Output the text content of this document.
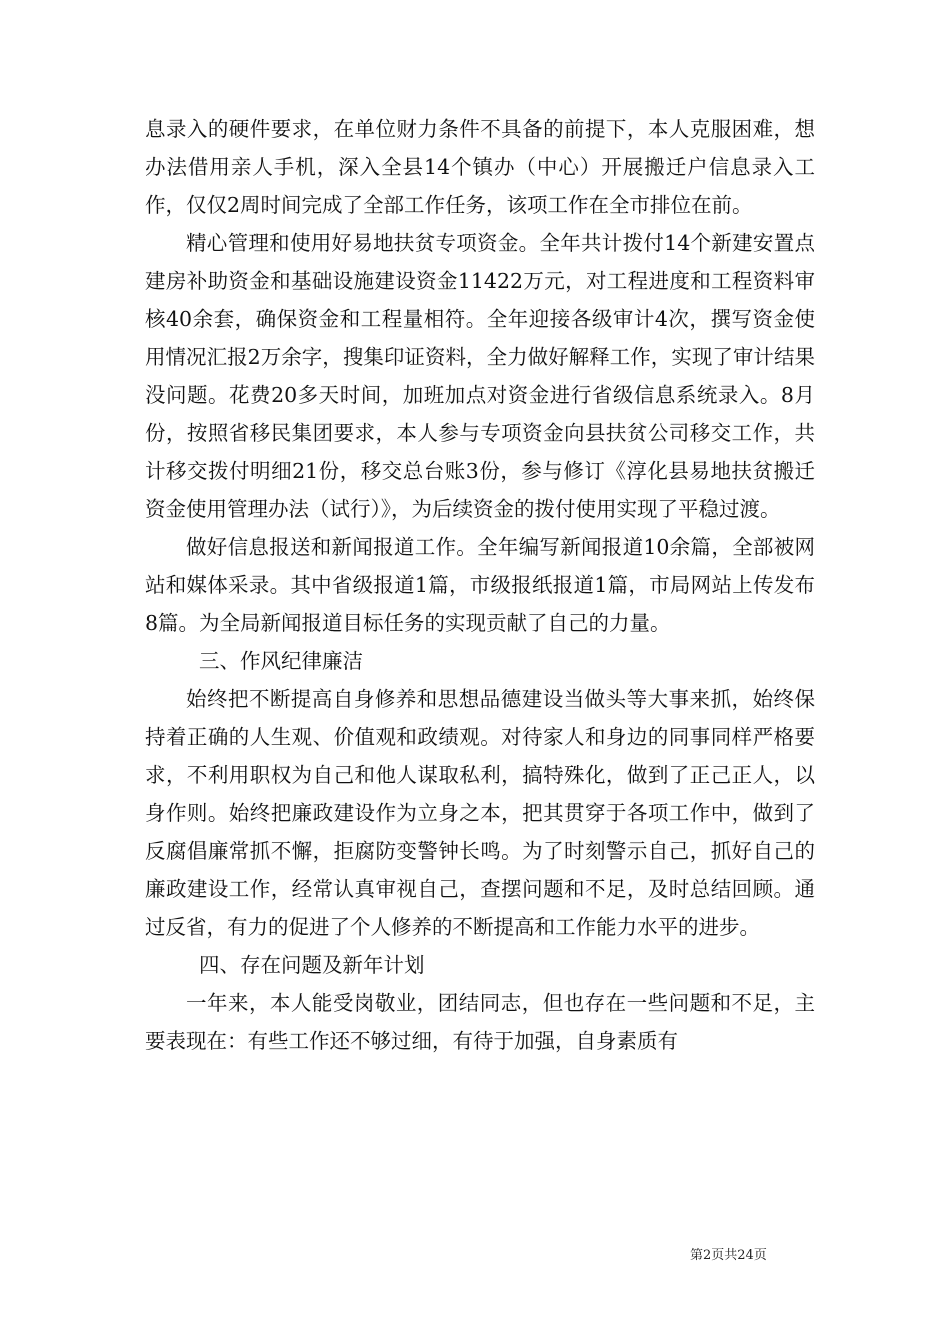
息录入的硬件要求，在单位财力条件不具备的前提下，本人克服困难，想办法借用亲人手机，深入全县14个镇办（中心）开展搬迁户信息录入工作，仅仅2周时间完成了全部工作任务，该项工作在全市排位在前。

精心管理和使用好易地扶贫专项资金。全年共计拨付14个新建安置点建房补助资金和基础设施建设资金11422万元，对工程进度和工程资料审核40余套，确保资金和工程量相符。全年迎接各级审计4次，撰写资金使用情况汇报2万余字，搜集印证资料，全力做好解释工作，实现了审计结果没问题。花费20多天时间，加班加点对资金进行省级信息系统录入。8月份，按照省移民集团要求，本人参与专项资金向县扶贫公司移交工作，共计移交拨付明细21份，移交总台账3份，参与修订《淳化县易地扶贫搬迁资金使用管理办法（试行）》，为后续资金的拨付使用实现了平稳过渡。

做好信息报送和新闻报道工作。全年编写新闻报道10余篇，全部被网站和媒体采录。其中省级报道1篇，市级报纸报道1篇，市局网站上传发布8篇。为全局新闻报道目标任务的实现贡献了自己的力量。

三、作风纪律廉洁

始终把不断提高自身修养和思想品德建设当做头等大事来抓，始终保持着正确的人生观、价值观和政绩观。对待家人和身边的同事同样严格要求，不利用职权为自己和他人谋取私利，搞特殊化，做到了正己正人，以身作则。始终把廉政建设作为立身之本，把其贯穿于各项工作中，做到了反腐倡廉常抓不懈，拒腐防变警钟长鸣。为了时刻警示自己，抓好自己的廉政建设工作，经常认真审视自己，查摆问题和不足，及时总结回顾。通过反省，有力的促进了个人修养的不断提高和工作能力水平的进步。

四、存在问题及新年计划

一年来，本人能受岗敬业，团结同志，但也存在一些问题和不足，主要表现在：有些工作还不够过细，有待于加强，自身素质有

第2页共24页
